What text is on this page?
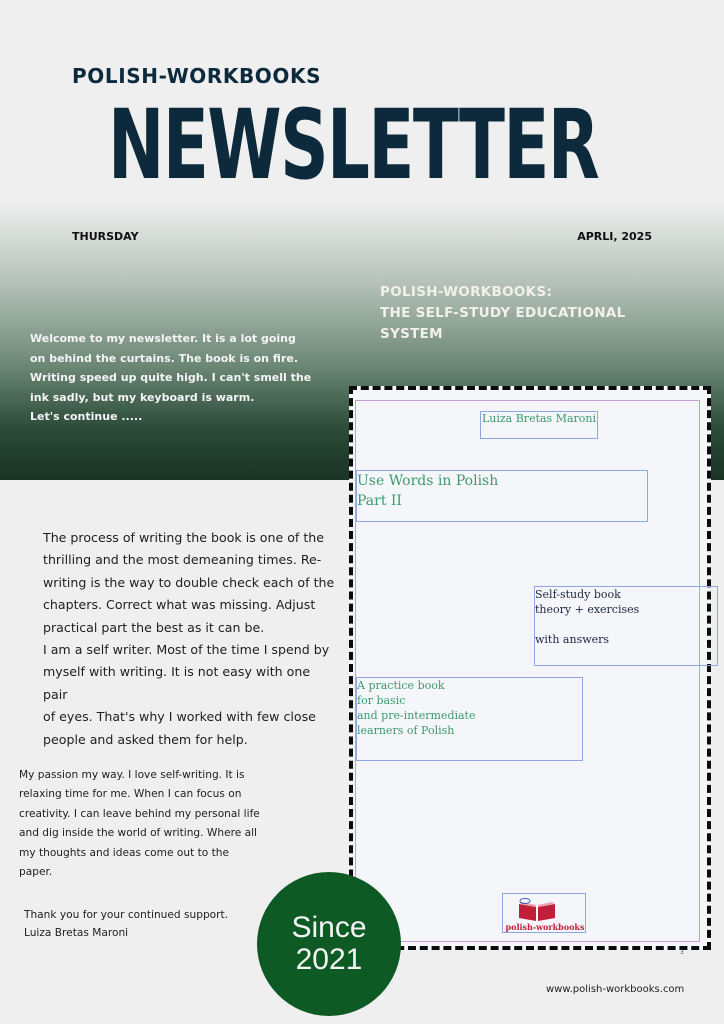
POLISH-WORKBOOKS
NEWSLETTER
THURSDAY	APRLI, 2025
POLISH-WORKBOOKS:
THE SELF-STUDY EDUCATIONAL SYSTEM
Welcome to my newsletter. It is a lot going
on behind the curtains. The book is on fire.
Writing speed up quite high. I can't smell the
ink sadly, but my keyboard is warm.
Let's continue .....
The process of writing the book is one of the
thrilling and the most demeaning times. Re-
writing is the way to double check each of the
chapters. Correct what was missing. Adjust
practical part the best as it can be.
I am a self writer. Most of the time I spend by
myself with writing. It is not easy with one pair
of eyes. That's why I worked with few close
people and asked them for help.
My passion my way. I love self-writing. It is
relaxing time for me. When I can focus on
creativity. I can leave behind my personal life
and dig inside the world of writing. Where all
my thoughts and ideas come out to the
paper.
Thank you for your continued support.
Luiza Bretas Maroni
Luiza Bretas Maroni
Use Words in Polish
Part II
Self-study book
theory + exercises

with answers
A practice book
for basic
and pre-intermediate
learners of Polish
polish-workbooks
3
Since
2021
www.polish-workbooks.com
